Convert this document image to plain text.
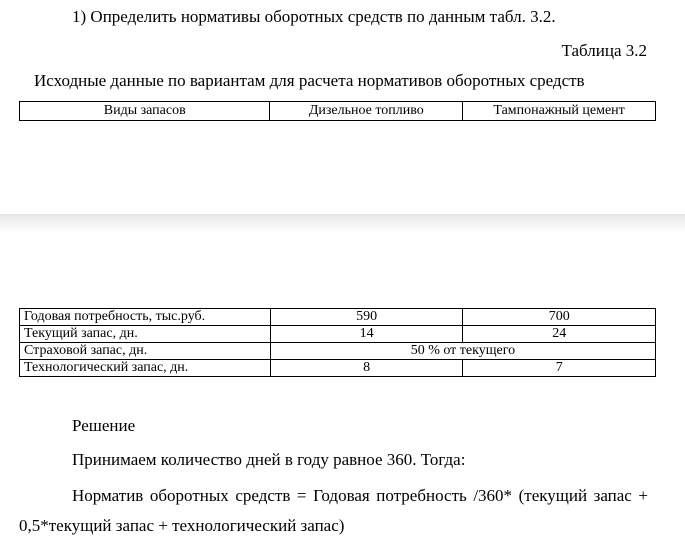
1) Определить нормативы оборотных средств по данным табл. 3.2.
Таблица 3.2
Исходные данные по вариантам для расчета нормативов оборотных средств
Виды запасов	Дизельное топливо	Тампонажный цемент
Годовая потребность, тыс.руб.	590	700
Текущий запас, дн.	14	24
Страховой запас, дн.	50 % от текущего	
Технологический запас, дн.	8	7
Решение
Принимаем количество дней в году равное 360. Тогда:
Норматив оборотных средств = Годовая потребность /360* (текущий запас + 0,5*текущий запас + технологический запас)
